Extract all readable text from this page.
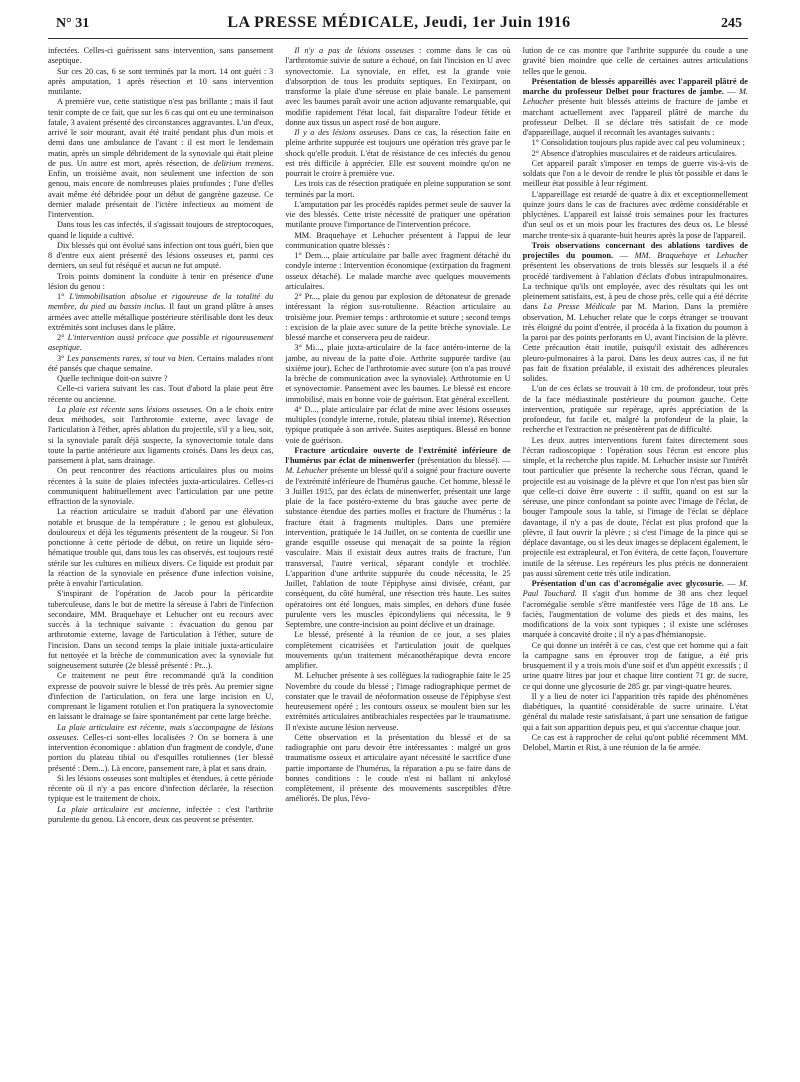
N° 31	LA PRESSE MÉDICALE, Jeudi, 1er Juin 1916	245

infectées. Celles-ci guérissent sans intervention, sans pansement aseptique.

Sur ces 20 cas, 6 se sont terminés par la mort. 14 ont guéri : 3 après amputation, 1 après résection et 10 sans intervention mutilante.

A première vue, cette statistique n'est pas brillante ; mais il faut tenir compte de ce fait, que sur les 6 cas qui ont eu une terminaison fatale, 3 avaient présenté des circonstances aggravantes. L'un d'eux, arrivé le soir mourant, avait été traité pendant plus d'un mois et demi dans une ambulance de l'avant : il est mort le lendemain matin, après un simple débridement de la synoviale qui était pleine de pus. Un autre est mort, après résection, de delirium tremens. Enfin, un troisième avait, non seulement une infection de son genou, mais encore de nombreuses plaies profondes ; l'une d'elles avait même été débridée pour un début de gangrène gazeuse. Ce dernier malade présentait de l'ictère infectieux au moment de l'intervention.

Dans tous les cas infectés, il s'agissait toujours de streptocoques, quand le liquide a cultivé.

Dix blessés qui ont évolué sans infection ont tous guéri, bien que 8 d'entre eux aient présenté des lésions osseuses et, parmi ces derniers, un seul fut réséqué et aucun ne fut amputé.

Trois points dominent la conduite à tenir en présence d'une lésion du genou :

1° L'immobilisation absolue et rigoureuse de la totalité du membre, du pied au bassin inclus. Il faut un grand plâtre à anses armées avec attelle métallique postérieure stérilisable dont les deux extrémités sont incluses dans le plâtre.

2° L'intervention aussi précoce que possible et rigoureusement aseptique.

3° Les pansements rares, si tout va bien. Certains malades n'ont été pansés que chaque semaine.

Quelle technique doit-on suivre ?

Celle-ci variera suivant les cas. Tout d'abord la plaie peut être récente ou ancienne.

La plaie est récente sans lésions osseuses. On a le choix entre deux méthodes, soit l'arthrotomie externe, avec lavage de l'articulation à l'éther, après ablation du projectile, s'il y a lieu, soit, si la synoviale paraît déjà suspecte, la synovectomie totale dans toute la partie antérieure aux ligaments croisés. Dans les deux cas, pansement à plat, sans drainage.

On peut rencontrer des réactions articulaires plus ou moins récentes à la suite de plaies infectées juxta-articulaires. Celles-ci communiquent habituellement avec l'articulation par une petite effraction de la synoviale.

La réaction articulaire se traduit d'abord par une élévation notable et brusque de la température ; le genou est globuleux, douloureux et déjà les téguments présentent de la rougeur. Si l'on ponctionne à cette période de début, on retire un liquide séro-hématique trouble qui, dans tous les cas observés, est toujours resté stérile sur les cultures en milieux divers. Ce liquide est produit par la réaction de la synoviale en présence d'une infection voisine, prête à envahir l'articulation.

S'inspirant de l'opération de Jacob pour la péricardite tuberculeuse, dans le but de mettre la séreuse à l'abri de l'infection secondaire, MM. Braquehaye et Lehucher ont eu recours avec succès à la technique suivante : évacuation du genou par arthrotomie externe, lavage de l'articulation à l'éther, suture de l'incision. Dans un second temps la plaie initiale juxta-articulaire fut nettoyée et la brèche de communication avec la synoviale fut soigneusement suturée (2e blessé présenté : Pr...).

Ce traitement ne peut être recommandé qu'à la condition expresse de pouvoir suivre le blessé de très près. Au premier signe d'infection de l'articulation, on fera une large incision en U, comprenant le ligament rotulien et l'on pratiquera la synovectomie en laissant le drainage se faire spontanément par cette large brèche.

La plaie articulaire est récente, mais s'accompagne de lésions osseuses. Celles-ci sont-elles localisées ? On se bornera à une intervention économique : ablation d'un fragment de condyle, d'une portion du plateau tibial ou d'esquilles rotuliennes (1er blessé présenté : Dem...). Là encore, pansement rare, à plat et sans drain.

Si les lésions osseuses sont multiples et étendues, à cette période récente où il n'y a pas encore d'infection déclarée, la résection typique est le traitement de choix.

La plaie articulaire est ancienne, infectée : c'est l'arthrite purulente du genou. Là encore, deux cas peuvent se présenter.

Il n'y a pas de lésions osseuses : comme dans le cas où l'arthrotomie suivie de suture a échoué, on fait l'incision en U avec synovectomie. La synoviale, en effet, est la grande voie d'absorption de tous les produits septiques. En l'extirpant, on transforme la plaie d'une séreuse en plaie banale. Le pansement avec les baumes paraît avoir une action adjuvante remarquable, qui modifie rapidement l'état local, fait disparaître l'odeur fétide et donne aux tissus un aspect rosé de bon augure.

Il y a des lésions osseuses. Dans ce cas, la résection faite en pleine arthrite suppurée est toujours une opération très grave par le shock qu'elle produit. L'état de résistance de ces infectés du genou est très difficile à apprécier. Elle est souvent moindre qu'on ne pourrait le croire à première vue.

Les trois cas de résection pratiquée en pleine suppuration se sont terminés par la mort.

L'amputation par les procédés rapides permet seule de sauver la vie des blessés. Cette triste nécessité de pratiquer une opération mutilante prouve l'importance de l'intervention précoce.

MM. Braquehaye et Lehucher présentent à l'appui de leur communication quatre blessés :

1° Dem..., plaie articulaire par balle avec fragment détaché du condyle interne : Intervention économique (extirpation du fragment osseux détaché). Le malade marche avec quelques mouvements articulaires.

2° Pr..., plaie du genou par explosion de détonateur de grenade intéressant la région sus-rotulienne. Réaction articulaire au troisième jour. Premier temps : arthrotomie et suture ; second temps : excision de la plaie avec suture de la petite brèche synoviale. Le blessé marche et conservera peu de raideur.

3° Mi..., plaie juxta-articulaire de la face antéro-interne de la jambe, au niveau de la patte d'oie. Arthrite suppurée tardive (au sixième jour). Echec de l'arthrotomie avec suture (on n'a pas trouvé la brèche de communication avec la synoviale). Arthrotomie en U et synovectomie. Pansement avec les baumes. Le blessé est encore immobilisé, mais en bonne voie de guérison. Etat général excellent.

4° D..., plaie articulaire par éclat de mine avec lésions osseuses multiples (condyle interne, rotule, plateau tibial interne). Résection typique pratiquée à son arrivée. Suites aseptiques. Blessé en bonne voie de guérison.

Fracture articulaire ouverte de l'extrémité inférieure de l'humérus par éclat de minenwerfer (présentation du blessé). — M. Lehucher présente un blessé qu'il a soigné pour fracture ouverte de l'extrémité inférieure de l'humérus gauche. Cet homme, blessé le 3 Juillet 1915, par des éclats de minenwerfer, présentait une large plaie de la face postéro-externe du bras gauche avec perte de substance étendue des parties molles et fracture de l'humérus : la fracture était à fragments multiples. Dans une première intervention, pratiquée le 14 Juillet, on se contenta de cueillir une grande esquille osseuse qui menaçait de sa pointe la région vasculaire. Mais il existait deux autres traits de fracture, l'un transversal, l'autre vertical, séparant condyle et trochlée. L'apparition d'une arthrite suppurée du coude nécessita, le 25 Juillet, l'ablation de toute l'épiphyse ainsi divisée, créant, par conséquent, du côté huméral, une résection très haute. Les suites opératoires ont été longues, mais simples, en dehors d'une fusée purulente vers les muscles épicondyliens qui nécessita, le 9 Septembre, une contre-incision au point déclive et un drainage.

Le blessé, présenté à la réunion de ce jour, a ses plaies complètement cicatrisées et l'articulation jouit de quelques mouvements qu'un traitement mécanothérapique devra encore amplifier.

M. Lehucher présente à ses collègues la radiographie faite le 25 Novembre du coude du blessé ; l'image radiographique permet de constater que le travail de néoformation osseuse de l'épiphyse s'est heureusement opéré ; les contours osseux se moulent bien sur les extrémités articulaires antibrachiales respectées par le traumatisme. Il n'existe aucune lésion nerveuse.

Cette observation et la présentation du blessé et de sa radiographie ont paru devoir être intéressantes : malgré un gros traumatisme osseux et articulaire ayant nécessité le sacrifice d'une partie importante de l'humérus, la réparation a pu se faire dans de bonnes conditions : le coude n'est ni ballant ni ankylosé complètement, il présente des mouvements susceptibles d'être améliorés. De plus, l'évo-

lution de ce cas montre que l'arthrite suppurée du coude a une gravité bien moindre que celle de certaines autres articulations telles que le genou.

Présentation de blessés appareillés avec l'appareil plâtré de marche du professeur Delbet pour fractures de jambe. — M. Lehucher présente huit blessés atteints de fracture de jambe et marchant actuellement avec l'appareil plâtré de marche du professeur Delbet. Il se déclare très satisfait de ce mode d'appareillage, auquel il reconnaît les avantages suivants :

1° Consolidation toujours plus rapide avec cal peu volumineux ;

2° Absence d'atrophies musculaires et de raideurs articulaires.

Cet appareil paraît s'imposer en temps de guerre vis-à-vis de soldats que l'on a le devoir de rendre le plus tôt possible et dans le meilleur état possible à leur régiment.

L'appareillage est retardé de quatre à dix et exceptionnellement quinze jours dans le cas de fractures avec œdème considérable et phlyctènes. L'appareil est laissé trois semaines pour les fractures d'un seul os et un mois pour les fractures des deux os. Le blessé marche trente-six à quarante-huit heures après la pose de l'appareil.

Trois observations concernant des ablations tardives de projectiles du poumon. — MM. Braquehaye et Lehucher présentent les observations de trois blessés sur lesquels il a été procédé tardivement à l'ablation d'éclats d'obus intrapulmonaires. La technique qu'ils ont employée, avec des résultats qui les ont pleinement satisfaits, est, à peu de chose près, celle qui a été décrite dans La Presse Médicale par M. Marion. Dans la première observation, M. Lehucher relate que le corps étranger se trouvant très éloigné du point d'entrée, il procéda à la fixation du poumon à la paroi par des points perforants en U, avant l'incision de la plèvre. Cette précaution était inutile, puisqu'il existait des adhérences pleuro-pulmonaires à la paroi. Dans les deux autres cas, il ne fut pas fait de fixation préalable, il existait des adhérences pleurales solides.

L'un de ces éclats se trouvait à 10 cm. de profondeur, tout près de la face médiastinale postérieure du poumon gauche. Cette intervention, pratiquée sur repérage, après appréciation de la profondeur, fut facile et, malgré la profondeur de la plaie, la recherche et l'extraction ne présentèrent pas de difficulté.

Les deux autres interventions furent faites directement sous l'écran radioscopique : l'opération sous l'écran est encore plus simple, et la recherche plus rapide. M. Lehucher insiste sur l'intérêt tout particulier que présente la recherche sous l'écran, quand le projectile est au voisinage de la plèvre et que l'on n'est pas bien sûr que celle-ci doive être ouverte : il suffit, quand on est sur la séreuse, une pince confondant sa pointe avec l'image de l'éclat, de bouger l'ampoule sous la table, si l'image de l'éclat se déplace davantage, il n'y a pas de doute, l'éclat est plus profond que la plèvre, il faut ouvrir la plèvre ; si c'est l'image de la pince qui se déplace davantage, ou si les deux images se déplacent également, le projectile est extrapleural, et l'on évitera, de cette façon, l'ouverture inutile de la séreuse. Les repéreurs les plus précis ne donneraient pas aussi sûrement cette très utile indication.

Présentation d'un cas d'acromégalie avec glycosurie. — M. Paul Touchard. Il s'agit d'un homme de 38 ans chez lequel l'acromégalie semble s'être manifestée vers l'âge de 18 ans. Le faciès, l'augmentation de volume des pieds et des mains, les modifications de la voix sont typiques ; il existe une scléroses marquée à concavité droite ; il n'y a pas d'hémianopsie.

Ce qui donne un intérêt à ce cas, c'est que cet homme qui a fait la campagne sans en éprouver trop de fatigue, a été pris brusquement il y a trois mois d'une soif et d'un appétit excessifs ; il urine quatre litres par jour et chaque litre contient 71 gr. de sucre, ce qui donne une glycosurie de 285 gr. par vingt-quatre heures.

Il y a lieu de noter ici l'apparition très rapide des phénomènes diabétiques, la quantité considérable de sucre urinaire. L'état général du malade reste satisfaisant, à part une sensation de fatigue qui a fait son apparition depuis peu, et qui s'accentue chaque jour.

Ce cas est à rapprocher de celui qu'ont publié récemment MM. Delobel, Martin et Rist, à une réunion de la 6e armée.
